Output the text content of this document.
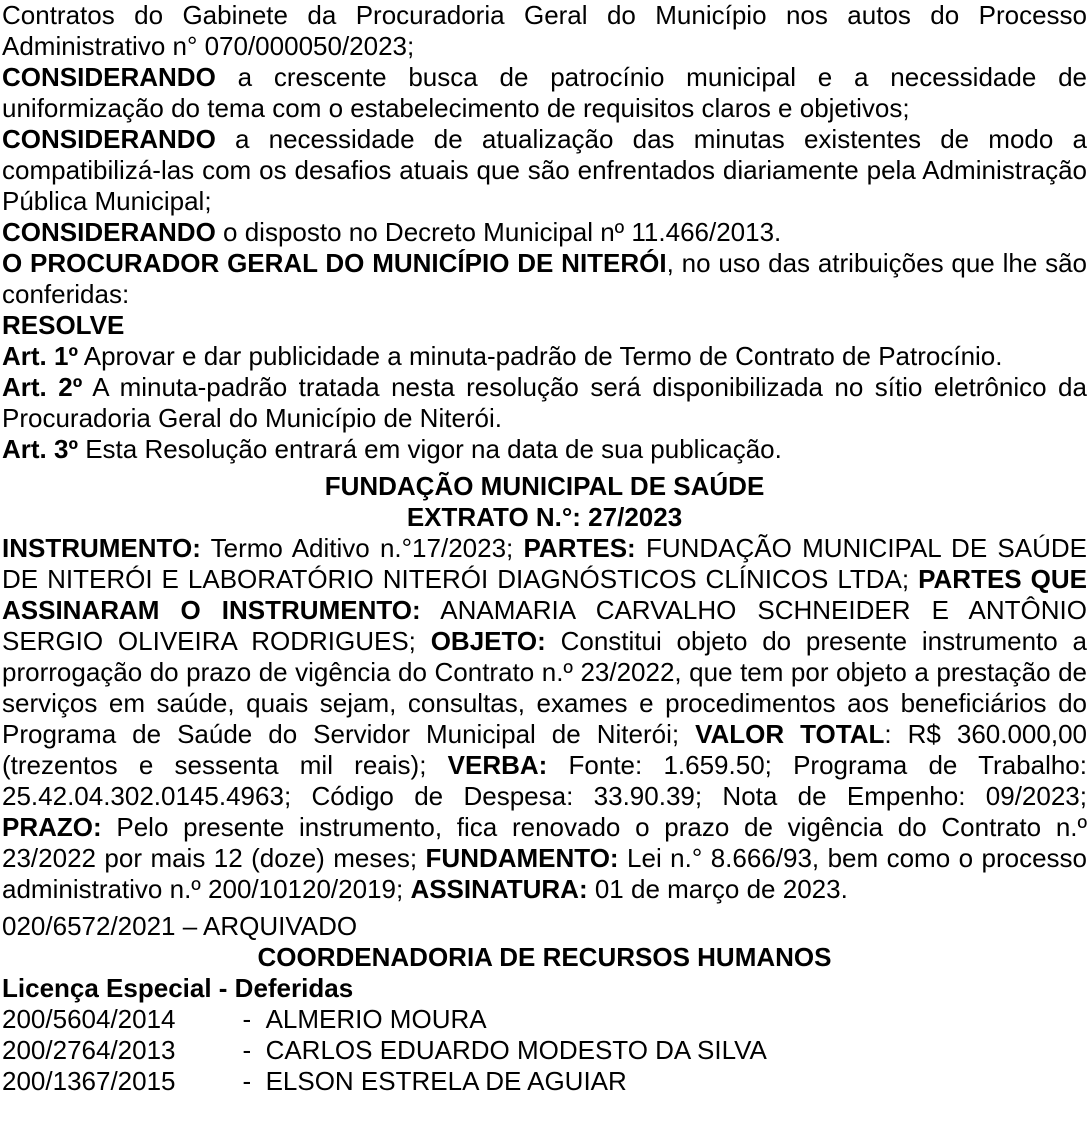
Contratos do Gabinete da Procuradoria Geral do Município nos autos do Processo Administrativo n° 070/000050/2023;

CONSIDERANDO a crescente busca de patrocínio municipal e a necessidade de uniformização do tema com o estabelecimento de requisitos claros e objetivos;

CONSIDERANDO a necessidade de atualização das minutas existentes de modo a compatibilizá-las com os desafios atuais que são enfrentados diariamente pela Administração Pública Municipal;

CONSIDERANDO o disposto no Decreto Municipal nº 11.466/2013.

O PROCURADOR GERAL DO MUNICÍPIO DE NITERÓI, no uso das atribuições que lhe são conferidas:

RESOLVE

Art. 1º Aprovar e dar publicidade a minuta-padrão de Termo de Contrato de Patrocínio.

Art. 2º A minuta-padrão tratada nesta resolução será disponibilizada no sítio eletrônico da Procuradoria Geral do Município de Niterói.

Art. 3º Esta Resolução entrará em vigor na data de sua publicação.

FUNDAÇÃO MUNICIPAL DE SAÚDE

EXTRATO N.°: 27/2023

INSTRUMENTO: Termo Aditivo n.°17/2023; PARTES: FUNDAÇÃO MUNICIPAL DE SAÚDE DE NITERÓI E LABORATÓRIO NITERÓI DIAGNÓSTICOS CLÍNICOS LTDA; PARTES QUE ASSINARAM O INSTRUMENTO: ANAMARIA CARVALHO SCHNEIDER E ANTÔNIO SERGIO OLIVEIRA RODRIGUES; OBJETO: Constitui objeto do presente instrumento a prorrogação do prazo de vigência do Contrato n.º 23/2022, que tem por objeto a prestação de serviços em saúde, quais sejam, consultas, exames e procedimentos aos beneficiários do Programa de Saúde do Servidor Municipal de Niterói; VALOR TOTAL: R$ 360.000,00 (trezentos e sessenta mil reais); VERBA: Fonte: 1.659.50; Programa de Trabalho: 25.42.04.302.0145.4963; Código de Despesa: 33.90.39; Nota de Empenho: 09/2023; PRAZO: Pelo presente instrumento, fica renovado o prazo de vigência do Contrato n.º 23/2022 por mais 12 (doze) meses; FUNDAMENTO: Lei n.° 8.666/93, bem como o processo administrativo n.º 200/10120/2019; ASSINATURA: 01 de março de 2023.

020/6572/2021 – ARQUIVADO

COORDENADORIA DE RECURSOS HUMANOS

Licença Especial - Deferidas

200/5604/2014	- ALMERIO MOURA
200/2764/2013	- CARLOS EDUARDO MODESTO DA SILVA
200/1367/2015	- ELSON ESTRELA DE AGUIAR
